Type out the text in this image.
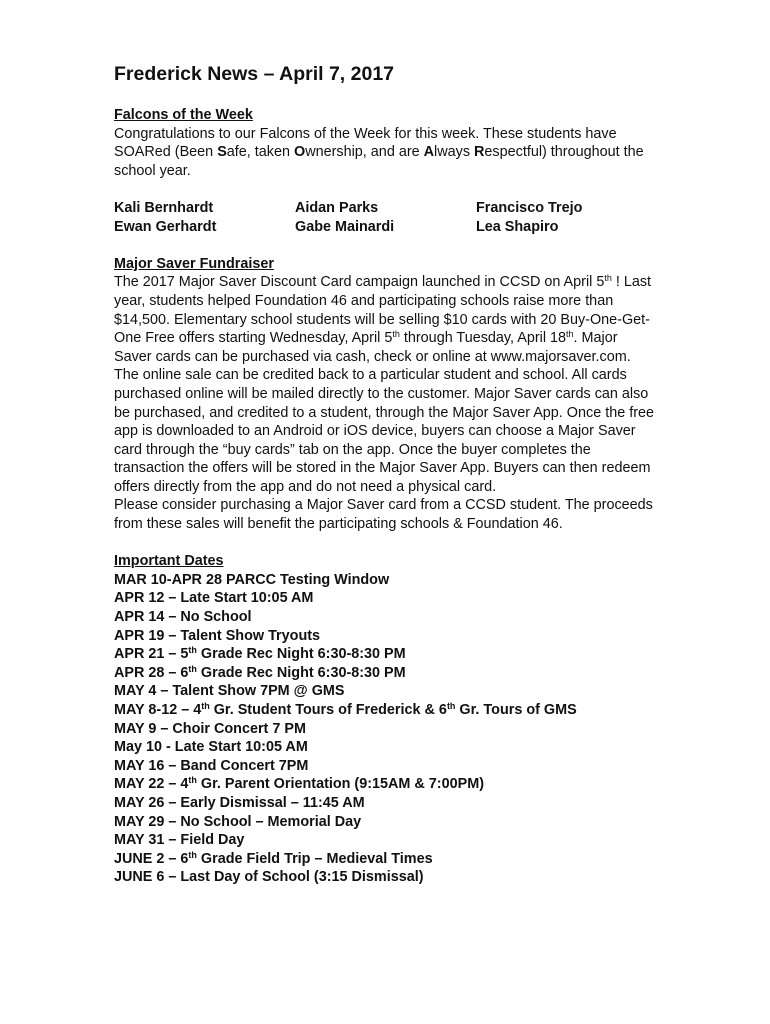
Frederick News – April 7, 2017

Falcons of the Week

Congratulations to our Falcons of the Week for this week. These students have SOARed (Been Safe, taken Ownership, and are Always Respectful) throughout the school year.

Kali Bernhardt	Aidan Parks	Francisco Trejo
Ewan Gerhardt	Gabe Mainardi	Lea Shapiro

Major Saver Fundraiser

The 2017 Major Saver Discount Card campaign launched in CCSD on April 5th ! Last year, students helped Foundation 46 and participating schools raise more than $14,500. Elementary school students will be selling $10 cards with 20 Buy-One-Get-One Free offers starting Wednesday, April 5th through Tuesday, April 18th. Major Saver cards can be purchased via cash, check or online at www.majorsaver.com. The online sale can be credited back to a particular student and school. All cards purchased online will be mailed directly to the customer. Major Saver cards can also be purchased, and credited to a student, through the Major Saver App. Once the free app is downloaded to an Android or iOS device, buyers can choose a Major Saver card through the “buy cards” tab on the app. Once the buyer completes the transaction the offers will be stored in the Major Saver App. Buyers can then redeem offers directly from the app and do not need a physical card.

Please consider purchasing a Major Saver card from a CCSD student. The proceeds from these sales will benefit the participating schools & Foundation 46.

Important Dates

MAR 10-APR 28 PARCC Testing Window
APR 12 – Late Start 10:05 AM
APR 14 – No School
APR 19 – Talent Show Tryouts
APR 21 – 5th Grade Rec Night 6:30-8:30 PM
APR 28 – 6th Grade Rec Night 6:30-8:30 PM
MAY 4 – Talent Show 7PM @ GMS
MAY 8-12 – 4th Gr. Student Tours of Frederick & 6th Gr. Tours of GMS
MAY 9 – Choir Concert 7 PM
May 10 - Late Start 10:05 AM
MAY 16 – Band Concert 7PM
MAY 22 – 4th Gr. Parent Orientation (9:15AM & 7:00PM)
MAY 26 – Early Dismissal – 11:45 AM
MAY 29 – No School – Memorial Day
MAY 31 – Field Day
JUNE 2 – 6th Grade Field Trip – Medieval Times
JUNE 6 – Last Day of School (3:15 Dismissal)
